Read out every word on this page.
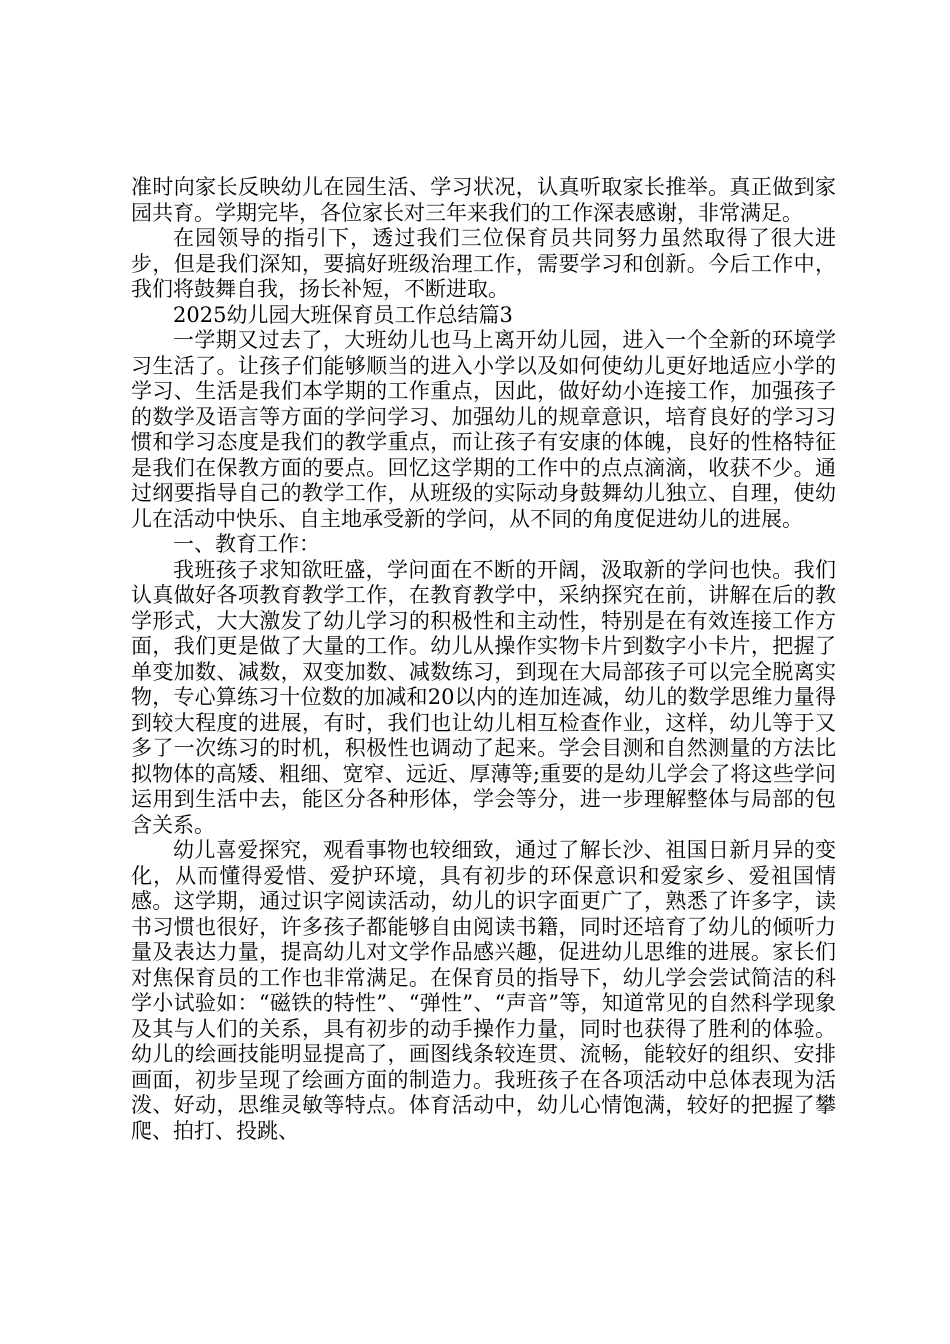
准时向家长反映幼儿在园生活、学习状况，认真听取家长推举。真正做到家园共育。学期完毕，各位家长对三年来我们的工作深表感谢，非常满足。

在园领导的指引下，透过我们三位保育员共同努力虽然取得了很大进步，但是我们深知，要搞好班级治理工作，需要学习和创新。今后工作中，我们将鼓舞自我，扬长补短，不断进取。

2025幼儿园大班保育员工作总结篇3

一学期又过去了，大班幼儿也马上离开幼儿园，进入一个全新的环境学习生活了。让孩子们能够顺当的进入小学以及如何使幼儿更好地适应小学的学习、生活是我们本学期的工作重点，因此，做好幼小连接工作，加强孩子的数学及语言等方面的学问学习、加强幼儿的规章意识，培育良好的学习习惯和学习态度是我们的教学重点，而让孩子有安康的体魄，良好的性格特征是我们在保教方面的要点。回忆这学期的工作中的点点滴滴，收获不少。通过纲要指导自己的教学工作，从班级的实际动身鼓舞幼儿独立、自理，使幼儿在活动中快乐、自主地承受新的学问，从不同的角度促进幼儿的进展。

一、教育工作：

我班孩子求知欲旺盛，学问面在不断的开阔，汲取新的学问也快。我们认真做好各项教育教学工作，在教育教学中，采纳探究在前，讲解在后的教学形式，大大激发了幼儿学习的积极性和主动性，特别是在有效连接工作方面，我们更是做了大量的工作。幼儿从操作实物卡片到数字小卡片，把握了单变加数、减数，双变加数、减数练习，到现在大局部孩子可以完全脱离实物，专心算练习十位数的加减和20以内的连加连减，幼儿的数学思维力量得到较大程度的进展，有时，我们也让幼儿相互检查作业，这样，幼儿等于又多了一次练习的时机，积极性也调动了起来。学会目测和自然测量的方法比拟物体的高矮、粗细、宽窄、远近、厚薄等;重要的是幼儿学会了将这些学问运用到生活中去，能区分各种形体，学会等分，进一步理解整体与局部的包含关系。

幼儿喜爱探究，观看事物也较细致，通过了解长沙、祖国日新月异的变化，从而懂得爱惜、爱护环境，具有初步的环保意识和爱家乡、爱祖国情感。这学期，通过识字阅读活动，幼儿的识字面更广了，熟悉了许多字，读书习惯也很好，许多孩子都能够自由阅读书籍，同时还培育了幼儿的倾听力量及表达力量，提高幼儿对文学作品感兴趣，促进幼儿思维的进展。家长们对焦保育员的工作也非常满足。在保育员的指导下，幼儿学会尝试简洁的科学小试验如：“磁铁的特性”、“弹性”、“声音”等，知道常见的自然科学现象及其与人们的关系，具有初步的动手操作力量，同时也获得了胜利的体验。幼儿的绘画技能明显提高了，画图线条较连贯、流畅，能较好的组织、安排画面，初步呈现了绘画方面的制造力。我班孩子在各项活动中总体表现为活泼、好动，思维灵敏等特点。体育活动中，幼儿心情饱满，较好的把握了攀爬、拍打、投跳、
